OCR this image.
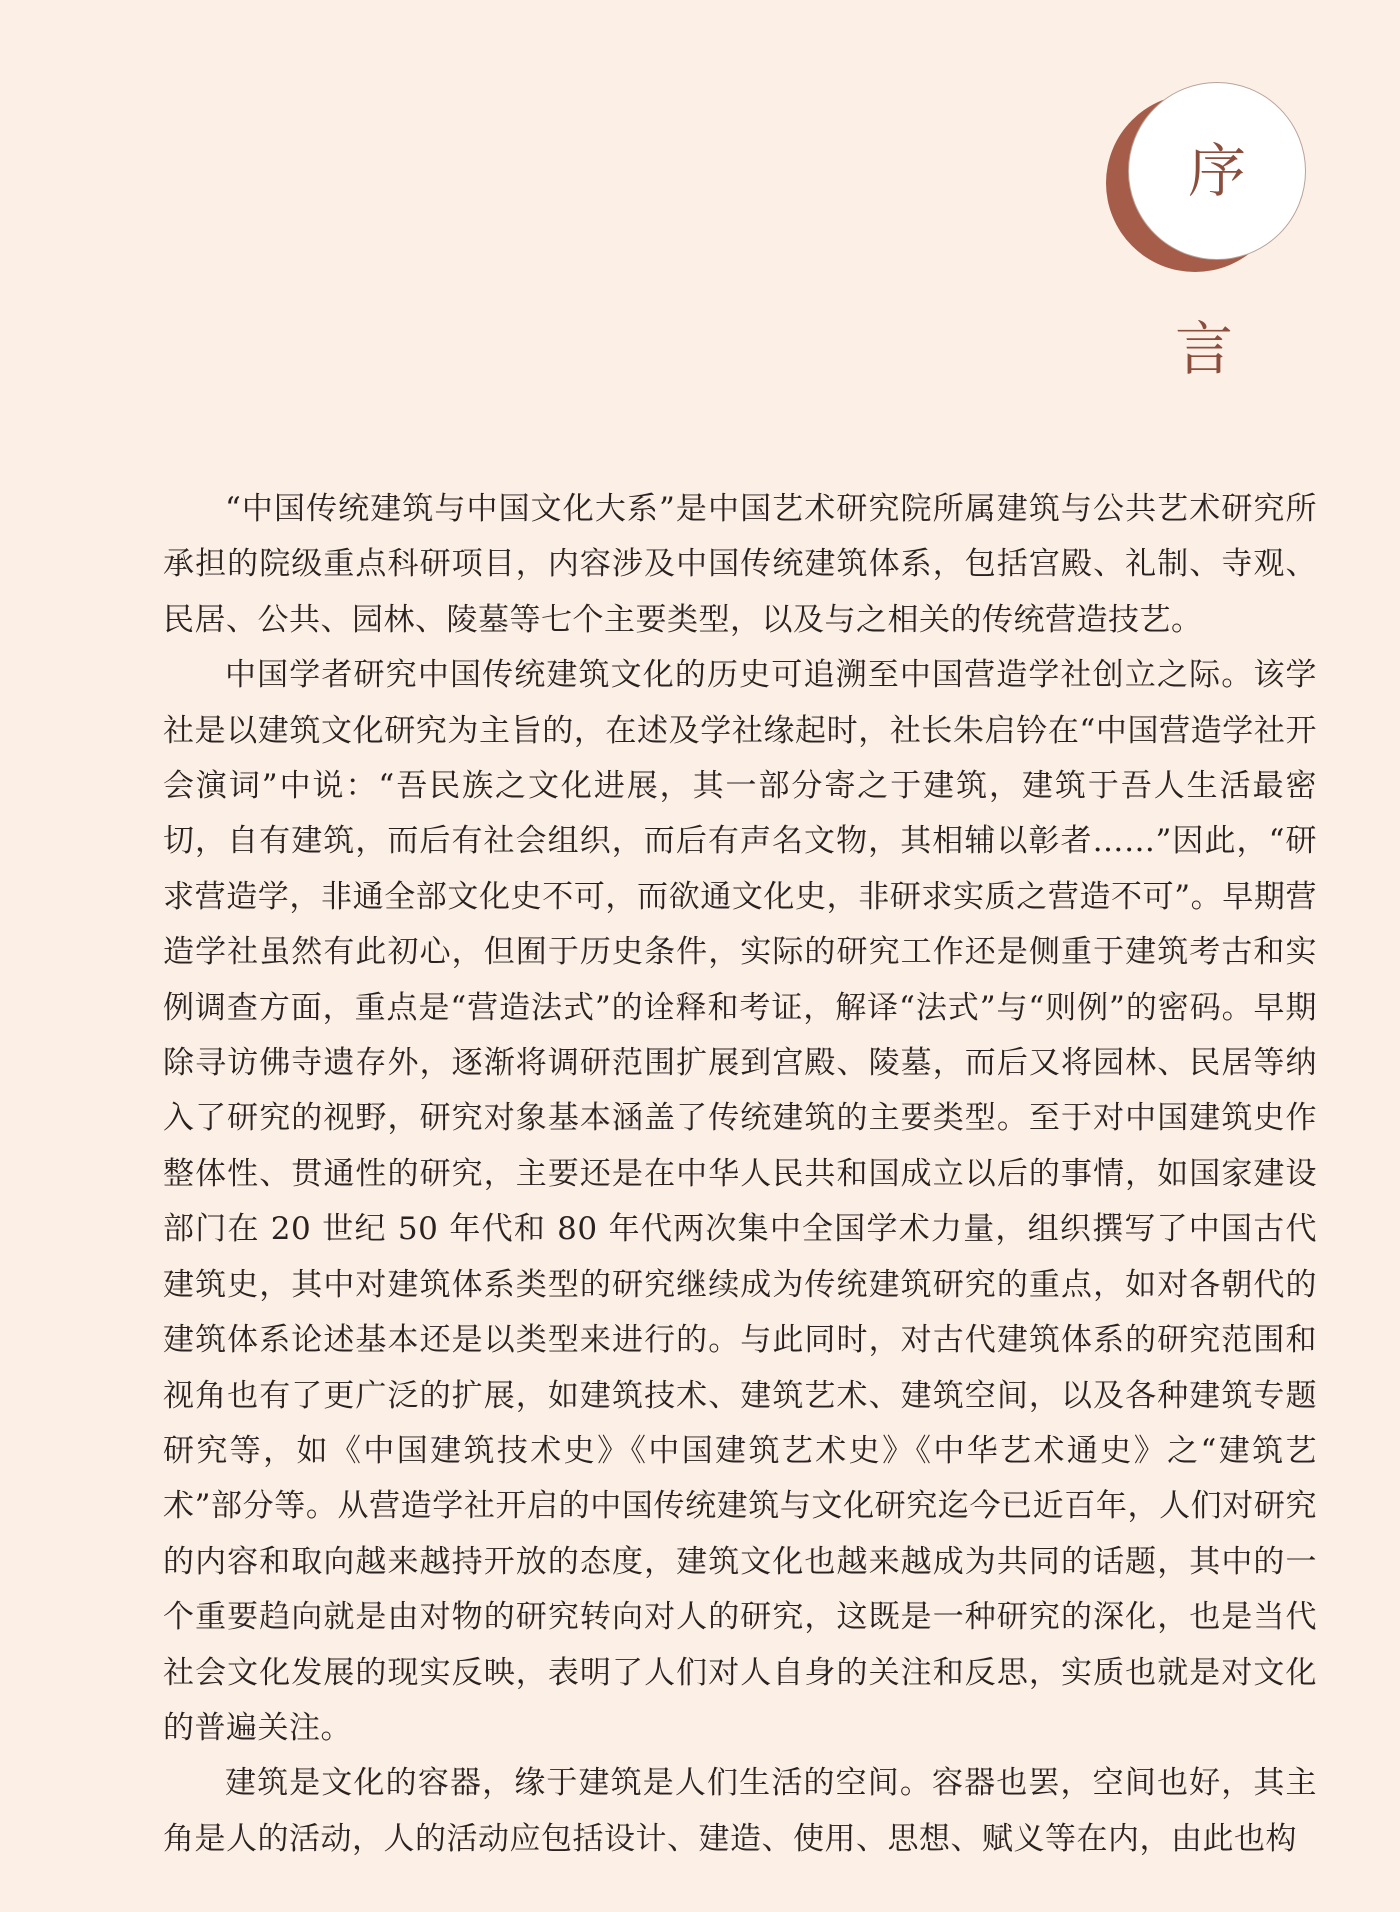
序言

“中国传统建筑与中国文化大系”是中国艺术研究院所属建筑与公共艺术研究所承担的院级重点科研项目，内容涉及中国传统建筑体系，包括宫殿、礼制、寺观、民居、公共、园林、陵墓等七个主要类型，以及与之相关的传统营造技艺。

中国学者研究中国传统建筑文化的历史可追溯至中国营造学社创立之际。该学社是以建筑文化研究为主旨的，在述及学社缘起时，社长朱启钤在“中国营造学社开会演词”中说：“吾民族之文化进展，其一部分寄之于建筑，建筑于吾人生活最密切，自有建筑，而后有社会组织，而后有声名文物，其相辅以彰者……”因此，“研求营造学，非通全部文化史不可，而欲通文化史，非研求实质之营造不可”。早期营造学社虽然有此初心，但囿于历史条件，实际的研究工作还是侧重于建筑考古和实例调查方面，重点是“营造法式”的诠释和考证，解译“法式”与“则例”的密码。早期除寻访佛寺遗存外，逐渐将调研范围扩展到宫殿、陵墓，而后又将园林、民居等纳入了研究的视野，研究对象基本涵盖了传统建筑的主要类型。至于对中国建筑史作整体性、贯通性的研究，主要还是在中华人民共和国成立以后的事情，如国家建设部门在 20 世纪 50 年代和 80 年代两次集中全国学术力量，组织撰写了中国古代建筑史，其中对建筑体系类型的研究继续成为传统建筑研究的重点，如对各朝代的建筑体系论述基本还是以类型来进行的。与此同时，对古代建筑体系的研究范围和视角也有了更广泛的扩展，如建筑技术、建筑艺术、建筑空间，以及各种建筑专题研究等，如《中国建筑技术史》《中国建筑艺术史》《中华艺术通史》之“建筑艺术”部分等。从营造学社开启的中国传统建筑与文化研究迄今已近百年，人们对研究的内容和取向越来越持开放的态度，建筑文化也越来越成为共同的话题，其中的一个重要趋向就是由对物的研究转向对人的研究，这既是一种研究的深化，也是当代社会文化发展的现实反映，表明了人们对人自身的关注和反思，实质也就是对文化的普遍关注。

建筑是文化的容器，缘于建筑是人们生活的空间。容器也罢，空间也好，其主角是人的活动，人的活动应包括设计、建造、使用、思想、赋义等在内，由此也构
